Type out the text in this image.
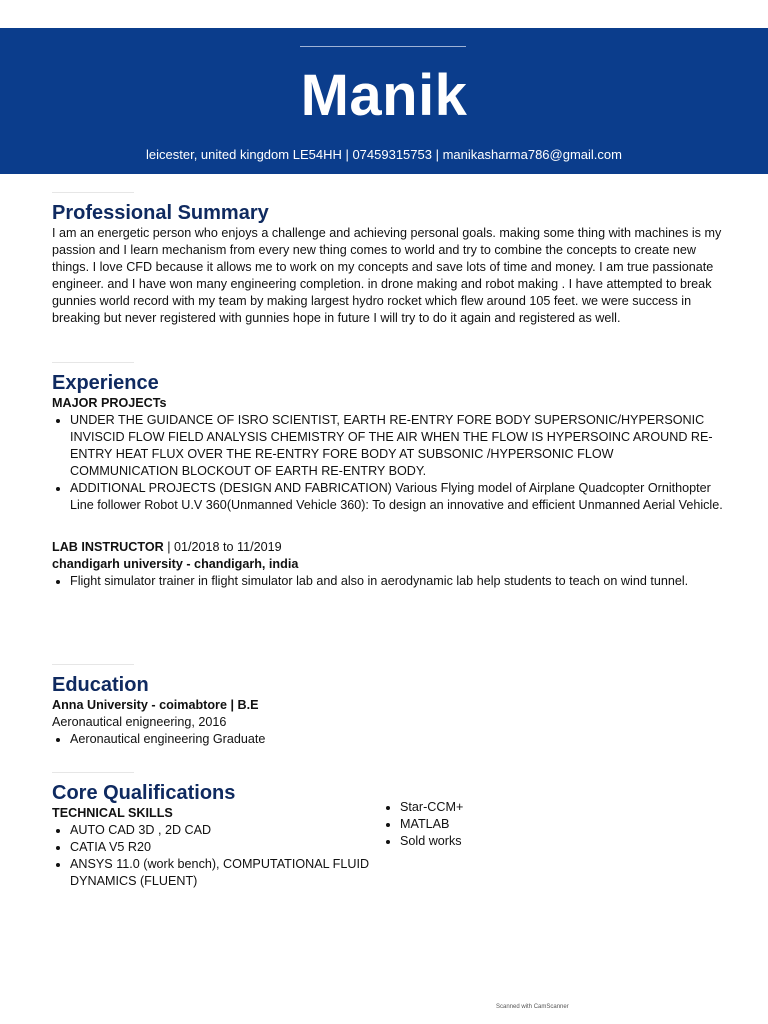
Manik
leicester, united kingdom LE54HH | 07459315753 | manikasharma786@gmail.com
Professional Summary

I am an energetic person who enjoys a challenge and achieving personal goals. making some thing with machines is my passion and I learn mechanism from every new thing comes to world and try to combine the concepts to create new things. I love CFD because it allows me to work on my concepts and save lots of time and money. I am true passionate engineer. and I have won many engineering completion. in drone making and robot making . I have attempted to break gunnies world record with my team by making largest hydro rocket which flew around 105 feet. we were success in breaking but never registered with gunnies hope in future I will try to do it again and registered as well.

Experience
MAJOR PROJECTs
• UNDER THE GUIDANCE OF ISRO SCIENTIST, EARTH RE-ENTRY FORE BODY SUPERSONIC/HYPERSONIC INVISCID FLOW FIELD ANALYSIS CHEMISTRY OF THE AIR WHEN THE FLOW IS HYPERSOINC AROUND RE-ENTRY HEAT FLUX OVER THE RE-ENTRY FORE BODY AT SUBSONIC /HYPERSONIC FLOW COMMUNICATION BLOCKOUT OF EARTH RE-ENTRY BODY.
• ADDITIONAL PROJECTS (DESIGN AND FABRICATION) Various Flying model of Airplane Quadcopter Ornithopter Line follower Robot U.V 360(Unmanned Vehicle 360): To design an innovative and efficient Unmanned Aerial Vehicle.
LAB INSTRUCTOR | 01/2018 to 11/2019
chandigarh university - chandigarh, india
• Flight simulator trainer in flight simulator lab and also in aerodynamic lab help students to teach on wind tunnel.
Education
Anna University - coimabtore | B.E
Aeronautical enigneering, 2016
• Aeronautical engineering Graduate
Core Qualifications
TECHNICAL SKILLS
• AUTO CAD 3D , 2D CAD
• CATIA V5 R20
• ANSYS 11.0 (work bench), COMPUTATIONAL FLUID DYNAMICS (FLUENT)
• Star-CCM+
• MATLAB
• Sold works
Scanned with CamScanner
